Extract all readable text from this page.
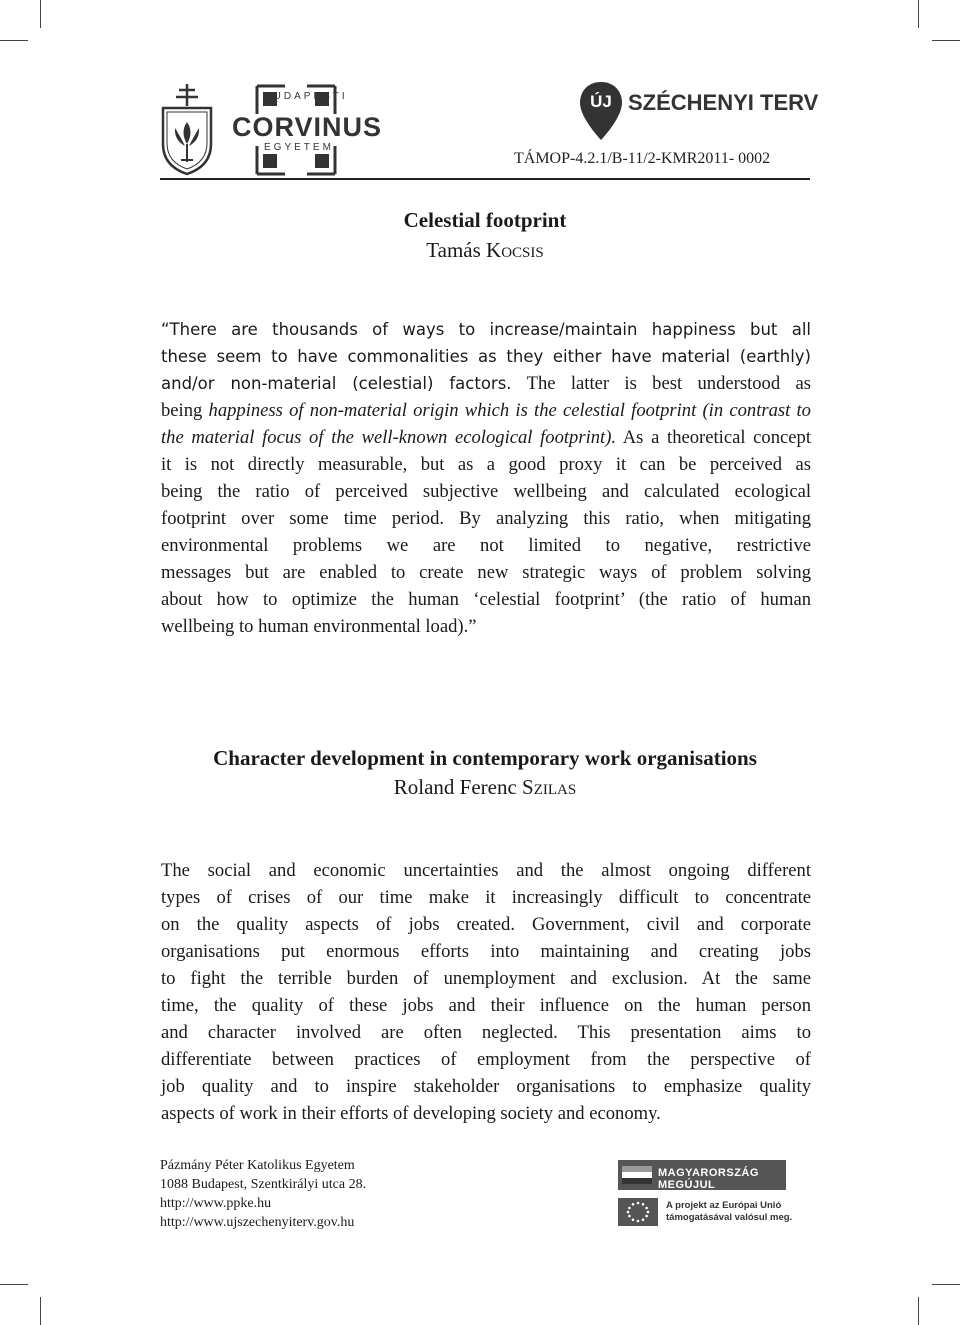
BUDAPESTI
CORVINUS
EGYETEM
ÚJ SZÉCHENYI TERV
TÁMOP-4.2.1/B-11/2-KMR2011- 0002
Celestial footprint
Tamás Kocsis
“There are thousands of ways to increase/maintain happiness but all
these seem to have commonalities as they either have material (earthly)
and/or non-material (celestial) factors. The latter is best understood as
being happiness of non-material origin which is the celestial footprint (in contrast to
the material focus of the well-known ecological footprint). As a theoretical concept
it is not directly measurable, but as a good proxy it can be perceived as
being the ratio of perceived subjective wellbeing and calculated ecological
footprint over some time period. By analyzing this ratio, when mitigating
environmental problems we are not limited to negative, restrictive
messages but are enabled to create new strategic ways of problem solving
about how to optimize the human ‘celestial footprint’ (the ratio of human
wellbeing to human environmental load).”
Character development in contemporary work organisations
Roland Ferenc Szilas
The social and economic uncertainties and the almost ongoing different
types of crises of our time make it increasingly difficult to concentrate
on the quality aspects of jobs created. Government, civil and corporate
organisations put enormous efforts into maintaining and creating jobs
to fight the terrible burden of unemployment and exclusion. At the same
time, the quality of these jobs and their influence on the human person
and character involved are often neglected. This presentation aims to
differentiate between practices of employment from the perspective of
job quality and to inspire stakeholder organisations to emphasize quality
aspects of work in their efforts of developing society and economy.
Pázmány Péter Katolikus Egyetem
1088 Budapest, Szentkirályi utca 28.
http://www.ppke.hu
http://www.ujszechenyiterv.gov.hu
MAGYARORSZÁG MEGÚJUL
A projekt az Európai Unió
támogatásával valósul meg.
